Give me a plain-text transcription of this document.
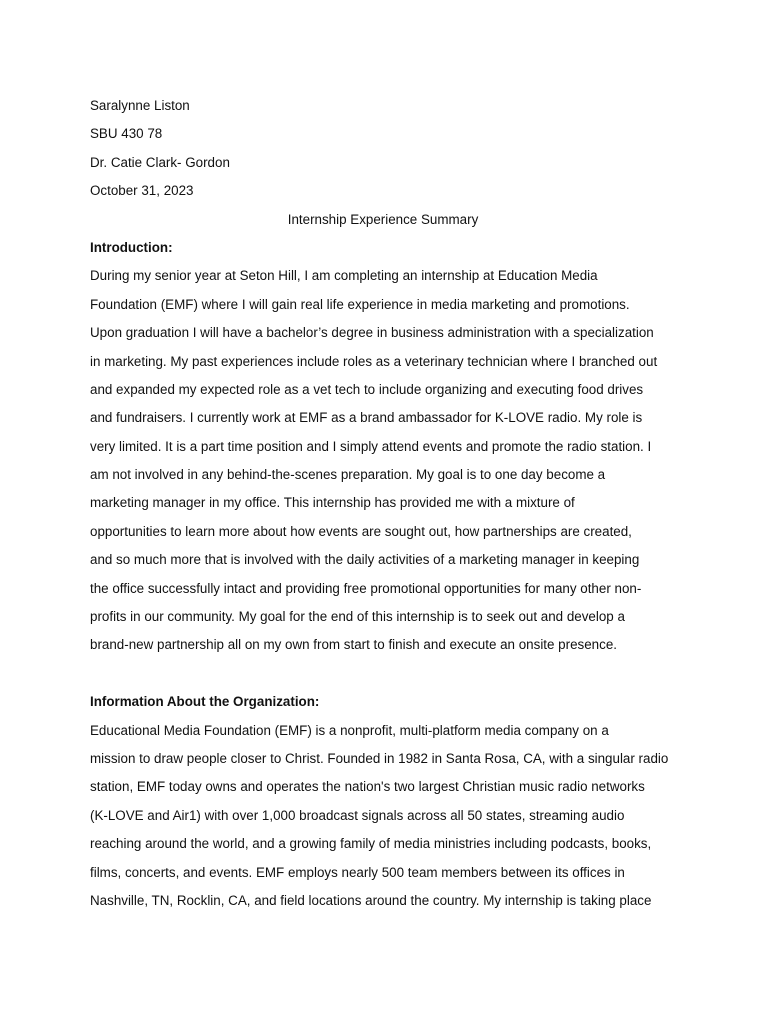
Saralynne Liston
SBU 430 78
Dr. Catie Clark- Gordon
October 31, 2023
Internship Experience Summary
Introduction:
During my senior year at Seton Hill, I am completing an internship at Education Media
Foundation (EMF) where I will gain real life experience in media marketing and promotions.
Upon graduation I will have a bachelor’s degree in business administration with a specialization
in marketing. My past experiences include roles as a veterinary technician where I branched out
and expanded my expected role as a vet tech to include organizing and executing food drives
and fundraisers. I currently work at EMF as a brand ambassador for K-LOVE radio. My role is
very limited. It is a part time position and I simply attend events and promote the radio station. I
am not involved in any behind-the-scenes preparation. My goal is to one day become a
marketing manager in my office. This internship has provided me with a mixture of
opportunities to learn more about how events are sought out, how partnerships are created,
and so much more that is involved with the daily activities of a marketing manager in keeping
the office successfully intact and providing free promotional opportunities for many other non-
profits in our community. My goal for the end of this internship is to seek out and develop a
brand-new partnership all on my own from start to finish and execute an onsite presence.
Information About the Organization:
Educational Media Foundation (EMF) is a nonprofit, multi-platform media company on a
mission to draw people closer to Christ. Founded in 1982 in Santa Rosa, CA, with a singular radio
station, EMF today owns and operates the nation's two largest Christian music radio networks
(K-LOVE and Air1) with over 1,000 broadcast signals across all 50 states, streaming audio
reaching around the world, and a growing family of media ministries including podcasts, books,
films, concerts, and events. EMF employs nearly 500 team members between its offices in
Nashville, TN, Rocklin, CA, and field locations around the country. My internship is taking place
